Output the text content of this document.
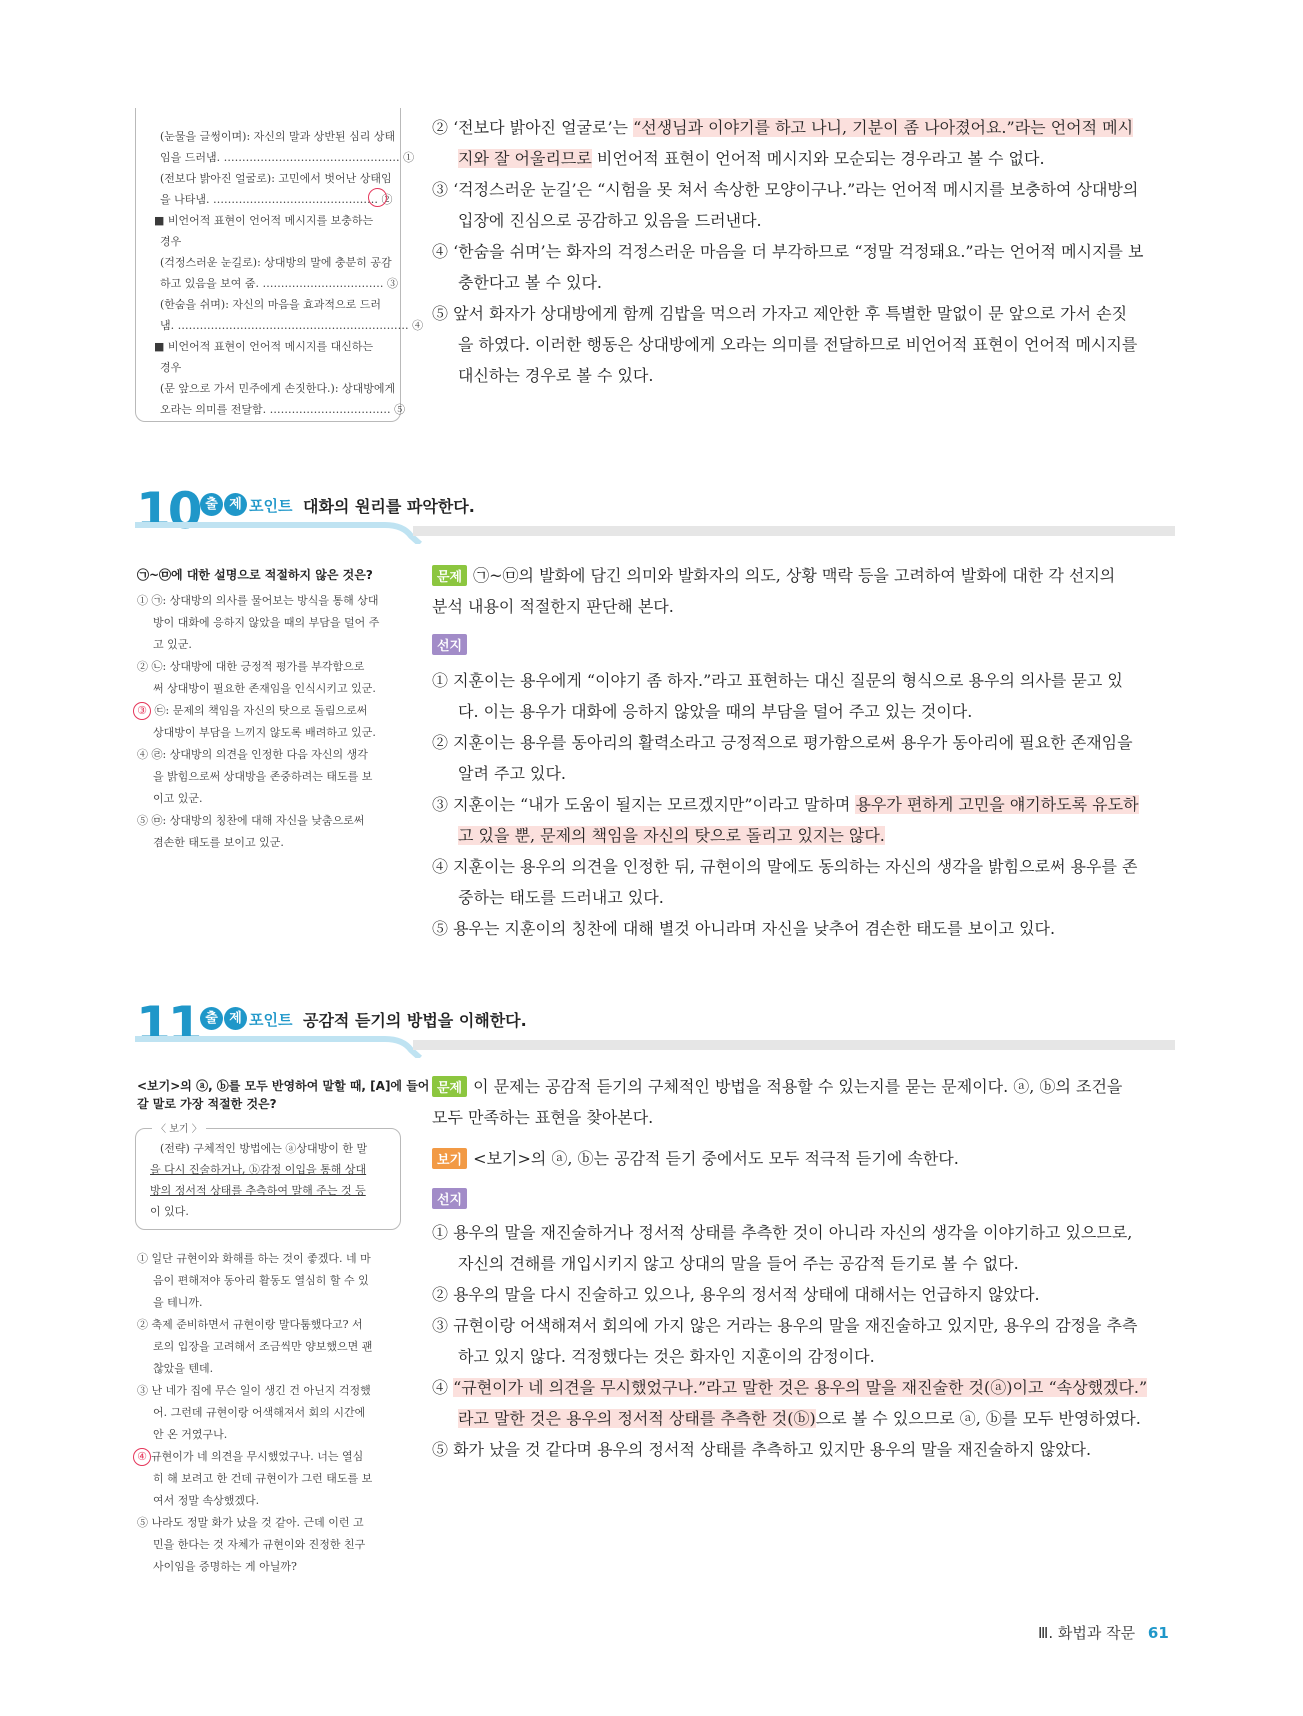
(눈물을 글썽이며): 자신의 말과 상반된 심리 상태
임을 드러냄. ………………………………………… ①
(전보다 밝아진 얼굴로): 고민에서 벗어난 상태임
을 나타냄. ……………………………………… ②
■ 비언어적 표현이 언어적 메시지를 보충하는
경우
(걱정스러운 눈길로): 상대방의 말에 충분히 공감
하고 있음을 보여 줌. …………………………… ③
(한숨을 쉬며): 자신의 마음을 효과적으로 드러
냄. ……………………………………………………… ④
■ 비언어적 표현이 언어적 메시지를 대신하는
경우
(문 앞으로 가서 민주에게 손짓한다.): 상대방에게
오라는 의미를 전달함. …………………………… ⑤
② ‘전보다 밝아진 얼굴로’는 “선생님과 이야기를 하고 나니, 기분이 좀 나아졌어요.”라는 언어적 메시
지와 잘 어울리므로 비언어적 표현이 언어적 메시지와 모순되는 경우라고 볼 수 없다.
③ ‘걱정스러운 눈길’은 “시험을 못 쳐서 속상한 모양이구나.”라는 언어적 메시지를 보충하여 상대방의
입장에 진심으로 공감하고 있음을 드러낸다.
④ ‘한숨을 쉬며’는 화자의 걱정스러운 마음을 더 부각하므로 “정말 걱정돼요.”라는 언어적 메시지를 보
충한다고 볼 수 있다.
⑤ 앞서 화자가 상대방에게 함께 김밥을 먹으러 가자고 제안한 후 특별한 말없이 문 앞으로 가서 손짓
을 하였다. 이러한 행동은 상대방에게 오라는 의미를 전달하므로 비언어적 표현이 언어적 메시지를
대신하는 경우로 볼 수 있다.
10 출 제 포인트 대화의 원리를 파악한다.
㉠~㉤에 대한 설명으로 적절하지 않은 것은?
① ㉠: 상대방의 의사를 물어보는 방식을 통해 상대
방이 대화에 응하지 않았을 때의 부담을 덜어 주
고 있군.
② ㉡: 상대방에 대한 긍정적 평가를 부각함으로
써 상대방이 필요한 존재임을 인식시키고 있군.
③ ㉢: 문제의 책임을 자신의 탓으로 돌림으로써
상대방이 부담을 느끼지 않도록 배려하고 있군.
④ ㉣: 상대방의 의견을 인정한 다음 자신의 생각
을 밝힘으로써 상대방을 존중하려는 태도를 보
이고 있군.
⑤ ㉤: 상대방의 칭찬에 대해 자신을 낮춤으로써
겸손한 태도를 보이고 있군.
문제 ㉠~㉤의 발화에 담긴 의미와 발화자의 의도, 상황 맥락 등을 고려하여 발화에 대한 각 선지의
분석 내용이 적절한지 판단해 본다.
선지
① 지훈이는 용우에게 “이야기 좀 하자.”라고 표현하는 대신 질문의 형식으로 용우의 의사를 묻고 있
다. 이는 용우가 대화에 응하지 않았을 때의 부담을 덜어 주고 있는 것이다.
② 지훈이는 용우를 동아리의 활력소라고 긍정적으로 평가함으로써 용우가 동아리에 필요한 존재임을
알려 주고 있다.
③ 지훈이는 “내가 도움이 될지는 모르겠지만”이라고 말하며 용우가 편하게 고민을 얘기하도록 유도하
고 있을 뿐, 문제의 책임을 자신의 탓으로 돌리고 있지는 않다.
④ 지훈이는 용우의 의견을 인정한 뒤, 규현이의 말에도 동의하는 자신의 생각을 밝힘으로써 용우를 존
중하는 태도를 드러내고 있다.
⑤ 용우는 지훈이의 칭찬에 대해 별것 아니라며 자신을 낮추어 겸손한 태도를 보이고 있다.
11 출 제 포인트 공감적 듣기의 방법을 이해한다.
<보기>의 ⓐ, ⓑ를 모두 반영하여 말할 때, [A]에 들어
갈 말로 가장 적절한 것은?
〈 보기 〉
(전략) 구체적인 방법에는 ⓐ상대방이 한 말
을 다시 진술하거나, ⓑ감정 이입을 통해 상대
방의 정서적 상태를 추측하여 말해 주는 것 등
이 있다.
① 일단 규현이와 화해를 하는 것이 좋겠다. 네 마
음이 편해져야 동아리 활동도 열심히 할 수 있
을 테니까.
② 축제 준비하면서 규현이랑 말다툼했다고? 서
로의 입장을 고려해서 조금씩만 양보했으면 괜
찮았을 텐데.
③ 난 네가 집에 무슨 일이 생긴 건 아닌지 걱정했
어. 그런데 규현이랑 어색해져서 회의 시간에
안 온 거였구나.
④ 규현이가 네 의견을 무시했었구나. 너는 열심
히 해 보려고 한 건데 규현이가 그런 태도를 보
여서 정말 속상했겠다.
⑤ 나라도 정말 화가 났을 것 같아. 근데 이런 고
민을 한다는 것 자체가 규현이와 진정한 친구
사이임을 증명하는 게 아닐까?
문제 이 문제는 공감적 듣기의 구체적인 방법을 적용할 수 있는지를 묻는 문제이다. ⓐ, ⓑ의 조건을
모두 만족하는 표현을 찾아본다.
보기 <보기>의 ⓐ, ⓑ는 공감적 듣기 중에서도 모두 적극적 듣기에 속한다.
선지
① 용우의 말을 재진술하거나 정서적 상태를 추측한 것이 아니라 자신의 생각을 이야기하고 있으므로,
자신의 견해를 개입시키지 않고 상대의 말을 들어 주는 공감적 듣기로 볼 수 없다.
② 용우의 말을 다시 진술하고 있으나, 용우의 정서적 상태에 대해서는 언급하지 않았다.
③ 규현이랑 어색해져서 회의에 가지 않은 거라는 용우의 말을 재진술하고 있지만, 용우의 감정을 추측
하고 있지 않다. 걱정했다는 것은 화자인 지훈이의 감정이다.
④ “규현이가 네 의견을 무시했었구나.”라고 말한 것은 용우의 말을 재진술한 것(ⓐ)이고 “속상했겠다.”
라고 말한 것은 용우의 정서적 상태를 추측한 것(ⓑ)으로 볼 수 있으므로 ⓐ, ⓑ를 모두 반영하였다.
⑤ 화가 났을 것 같다며 용우의 정서적 상태를 추측하고 있지만 용우의 말을 재진술하지 않았다.
Ⅲ. 화법과 작문 61
